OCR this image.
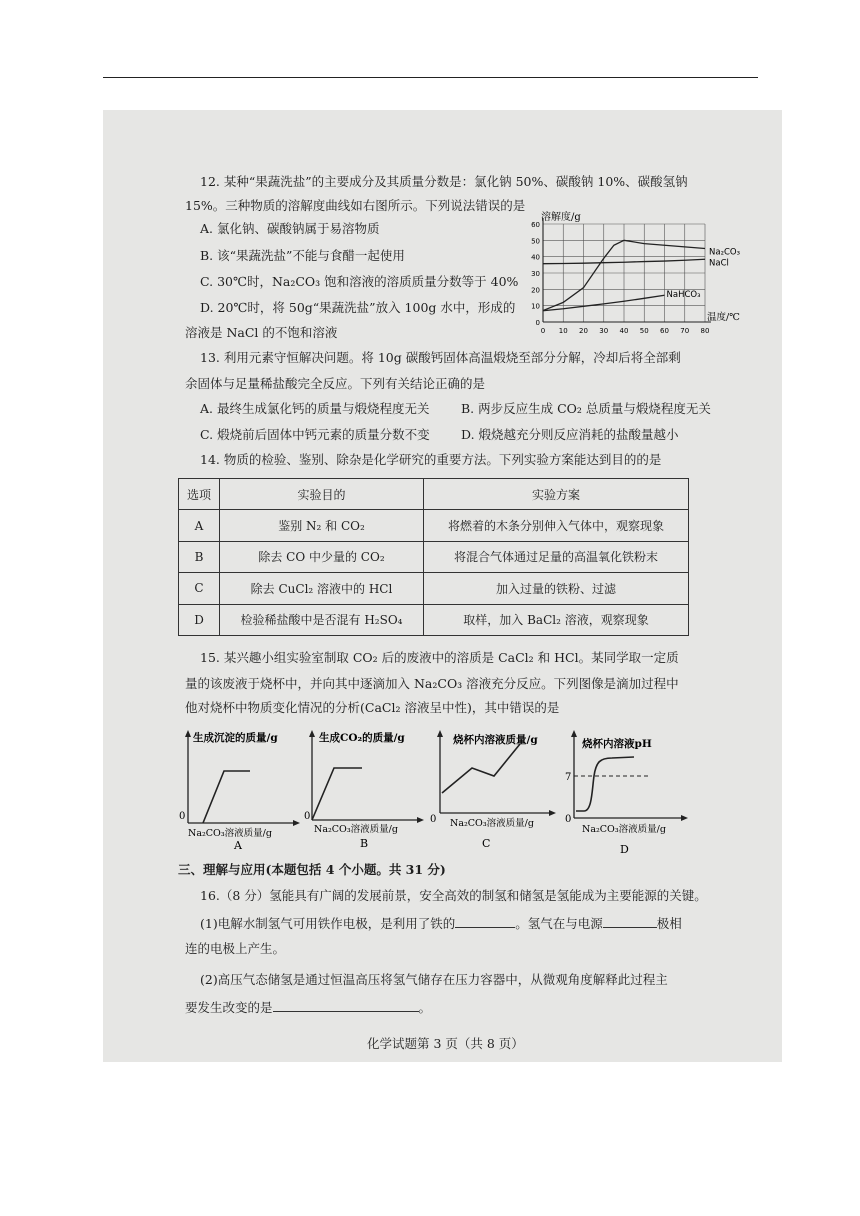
12. 某种“果蔬洗盐”的主要成分及其质量分数是：氯化钠 50%、碳酸钠 10%、碳酸氢钠
15%。三种物质的溶解度曲线如右图所示。下列说法错误的是
A. 氯化钠、碳酸钠属于易溶物质
B. 该“果蔬洗盐”不能与食醋一起使用
C. 30℃时，Na₂CO₃ 饱和溶液的溶质质量分数等于 40%
D. 20℃时，将 50g“果蔬洗盐”放入 100g 水中，形成的
溶液是 NaCl 的不饱和溶液
0
10
20
30
40
50
60
0 10 20 30 40 50 60 70 80
溶解度/g
温度/℃
Na₂CO₃
NaCl
NaHCO₃
13. 利用元素守恒解决问题。将 10g 碳酸钙固体高温煅烧至部分分解，冷却后将全部剩
余固体与足量稀盐酸完全反应。下列有关结论正确的是
A. 最终生成氯化钙的质量与煅烧程度无关	B. 两步反应生成 CO₂ 总质量与煅烧程度无关
C. 煅烧前后固体中钙元素的质量分数不变	D. 煅烧越充分则反应消耗的盐酸量越小
14. 物质的检验、鉴别、除杂是化学研究的重要方法。下列实验方案能达到目的的是
选项	实验目的	实验方案
A	鉴别 N₂ 和 CO₂	将燃着的木条分别伸入气体中，观察现象
B	除去 CO 中少量的 CO₂	将混合气体通过足量的高温氧化铁粉末
C	除去 CuCl₂ 溶液中的 HCl	加入过量的铁粉、过滤
D	检验稀盐酸中是否混有 H₂SO₄	取样，加入 BaCl₂ 溶液，观察现象
15. 某兴趣小组实验室制取 CO₂ 后的废液中的溶质是 CaCl₂ 和 HCl。某同学取一定质
量的该废液于烧杯中，并向其中逐滴加入 Na₂CO₃ 溶液充分反应。下列图像是滴加过程中
他对烧杯中物质变化情况的分析(CaCl₂ 溶液呈中性)，其中错误的是
生成沉淀的质量/g
0
Na₂CO₃溶液质量/g
A
生成CO₂的质量/g
0
Na₂CO₃溶液质量/g
B
烧杯内溶液质量/g
0 Na₂CO₃溶液质量/g
C
烧杯内溶液pH
7
0
Na₂CO₃溶液质量/g
D
三、理解与应用(本题包括 4 个小题。共 31 分)
16.（8 分）氢能具有广阔的发展前景，安全高效的制氢和储氢是氢能成为主要能源的关键。
(1)电解水制氢气可用铁作电极，是利用了铁的	。氢气在与电源	极相
连的电极上产生。
(2)高压气态储氢是通过恒温高压将氢气储存在压力容器中，从微观角度解释此过程主
要发生改变的是	。
化学试题第 3 页（共 8 页）
